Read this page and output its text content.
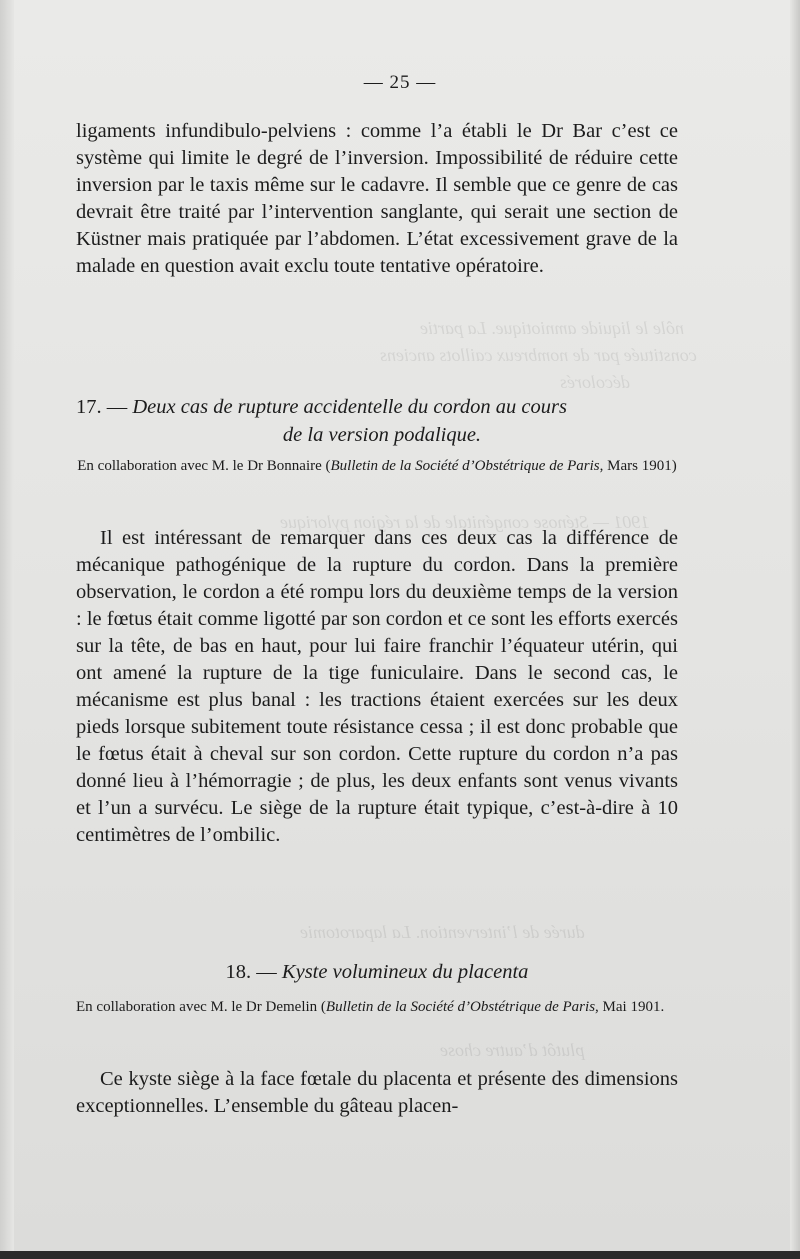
nôle le liquide amniotique. La partie
constituée par de nombreux caillots anciens
décolorés
1901 — Sténose congénitale de la région pylorique
durée de l’intervention. La laparotomie
plutôt d’autre chose
— 25 —

ligaments infundibulo-pelviens : comme l’a établi le Dr Bar c’est ce système qui limite le degré de l’inversion. Impossibilité de réduire cette inversion par le taxis même sur le cadavre. Il semble que ce genre de cas devrait être traité par l’intervention sanglante, qui serait une section de Küstner mais pratiquée par l’abdomen. L’état excessivement grave de la malade en question avait exclu toute tentative opératoire.

17. — Deux cas de rupture accidentelle du cordon au cours
de la version podalique.

En collaboration avec M. le Dr Bonnaire (Bulletin de la Société d’Obstétrique de Paris, Mars 1901)

Il est intéressant de remarquer dans ces deux cas la différence de mécanique pathogénique de la rupture du cordon. Dans la première observation, le cordon a été rompu lors du deuxième temps de la version : le fœtus était comme ligotté par son cordon et ce sont les efforts exercés sur la tête, de bas en haut, pour lui faire franchir l’équateur utérin, qui ont amené la rupture de la tige funiculaire. Dans le second cas, le mécanisme est plus banal : les tractions étaient exercées sur les deux pieds lorsque subitement toute résistance cessa ; il est donc probable que le fœtus était à cheval sur son cordon. Cette rupture du cordon n’a pas donné lieu à l’hémorragie ; de plus, les deux enfants sont venus vivants et l’un a survécu. Le siège de la rupture était typique, c’est-à-dire à 10 centimètres de l’ombilic.

18. — Kyste volumineux du placenta

En collaboration avec M. le Dr Demelin (Bulletin de la Société d’Obstétrique de Paris, Mai 1901.

Ce kyste siège à la face fœtale du placenta et présente des dimensions exceptionnelles. L’ensemble du gâteau placen-
